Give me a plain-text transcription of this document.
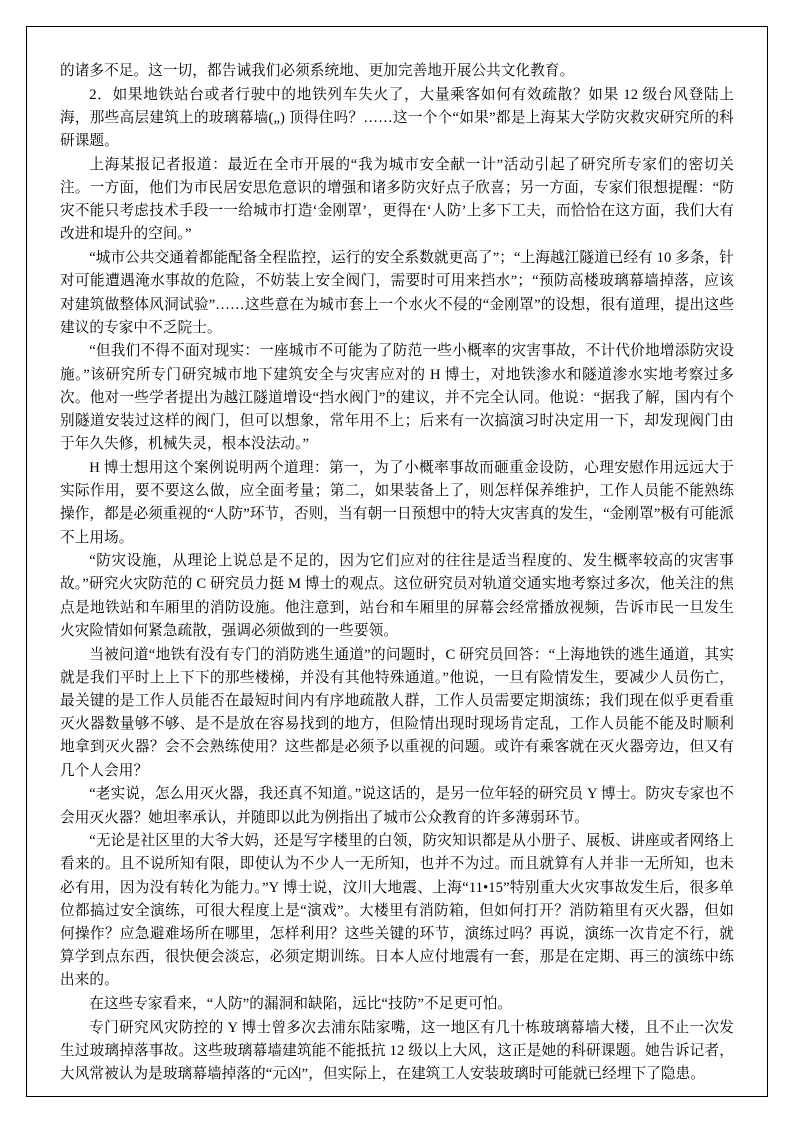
的诸多不足。这一切，都告诫我们必须系统地、更加完善地开展公共文化教育。

2．如果地铁站台或者行驶中的地铁列车失火了，大量乘客如何有效疏散？如果 12 级台风登陆上海，那些高层建筑上的玻璃幕墙(„) 顶得住吗？……这一个个“如果”都是上海某大学防灾救灾研究所的科研课题。

上海某报记者报道：最近在全市开展的“我为城市安全献一计”活动引起了研究所专家们的密切关注。一方面，他们为市民居安思危意识的增强和诸多防灾好点子欣喜；另一方面，专家们很想提醒：“防灾不能只考虑技术手段一一给城市打造‘金刚罩’，更得在‘人防’上多下工夫，而恰恰在这方面，我们大有改进和堤升的空间。”

“城市公共交通着都能配备全程监控，运行的安全系数就更高了”；“上海越江隧道已经有 10 多条，针对可能遭遇淹水事故的危险，不妨装上安全阀门，需要时可用来挡水”；“预防高楼玻璃幕墙掉落，应该对建筑做整体风洞试验”……这些意在为城市套上一个水火不侵的“金刚罩”的设想，很有道理，提出这些建议的专家中不乏院士。

“但我们不得不面对现实：一座城市不可能为了防范一些小概率的灾害事故，不计代价地增添防灾设施。”该研究所专门研究城市地下建筑安全与灾害应对的 H 博士，对地铁渗水和隧道渗水实地考察过多次。他对一些学者提出为越江隧道增设“挡水阀门”的建议，并不完全认同。他说：“据我了解，国内有个别隧道安装过这样的阀门，但可以想象，常年用不上；后来有一次搞演习时决定用一下，却发现阀门由于年久失修，机械失灵，根本没法动。”

H 博士想用这个案例说明两个道理：第一，为了小概率事故而砸重金设防，心理安慰作用远远大于实际作用，要不要这么做，应全面考量；第二，如果装备上了，则怎样保养维护，工作人员能不能熟练操作，都是必须重视的“人防”环节，否则，当有朝一日预想中的特大灾害真的发生，“金刚罩”极有可能派不上用场。

“防灾设施，从理论上说总是不足的，因为它们应对的往往是适当程度的、发生概率较高的灾害事故。”研究火灾防范的 C 研究员力挺 M 博士的观点。这位研究员对轨道交通实地考察过多次，他关注的焦点是地铁站和车厢里的消防设施。他注意到，站台和车厢里的屏幕会经常播放视频，告诉市民一旦发生火灾险情如何紧急疏散，强调必须做到的一些要领。

当被问道“地铁有没有专门的消防逃生通道”的问题时，C 研究员回答：“上海地铁的逃生通道，其实就是我们平时上上下下的那些楼梯，并没有其他特殊通道。”他说，一旦有险情发生，要减少人员伤亡，最关键的是工作人员能否在最短时间内有序地疏散人群，工作人员需要定期演练；我们现在似乎更看重灭火器数量够不够、是不是放在容易找到的地方，但险情出现时现场肯定乱，工作人员能不能及时顺利地拿到灭火器？会不会熟练使用？这些都是必须予以重视的问题。或许有乘客就在灭火器旁边，但又有几个人会用？

“老实说，怎么用灭火器，我还真不知道。”说这话的，是另一位年轻的研究员 Y 博士。防灾专家也不会用灭火器？她坦率承认，并随即以此为例指出了城市公众教育的许多薄弱环节。

“无论是社区里的大爷大妈，还是写字楼里的白领，防灾知识都是从小册子、展板、讲座或者网络上看来的。且不说所知有限，即使认为不少人一无所知，也并不为过。而且就算有人并非一无所知，也未必有用，因为没有转化为能力。”Y 博士说，汶川大地震、上海“11•15”特别重大火灾事故发生后，很多单位都搞过安全演练，可很大程度上是“演戏”。大楼里有消防箱，但如何打开？消防箱里有灭火器，但如何操作？应急避难场所在哪里，怎样利用？这些关键的环节，演练过吗？再说，演练一次肯定不行，就算学到点东西，很快便会淡忘，必须定期训练。日本人应付地震有一套，那是在定期、再三的演练中练出来的。

在这些专家看来，“人防”的漏洞和缺陷，远比“技防”不足更可怕。

专门研究风灾防控的 Y 博士曾多次去浦东陆家嘴，这一地区有几十栋玻璃幕墙大楼，且不止一次发生过玻璃掉落事故。这些玻璃幕墙建筑能不能抵抗 12 级以上大风，这正是她的科研课题。她告诉记者，大风常被认为是玻璃幕墙掉落的“元凶”，但实际上，在建筑工人安装玻璃时可能就已经埋下了隐患。
